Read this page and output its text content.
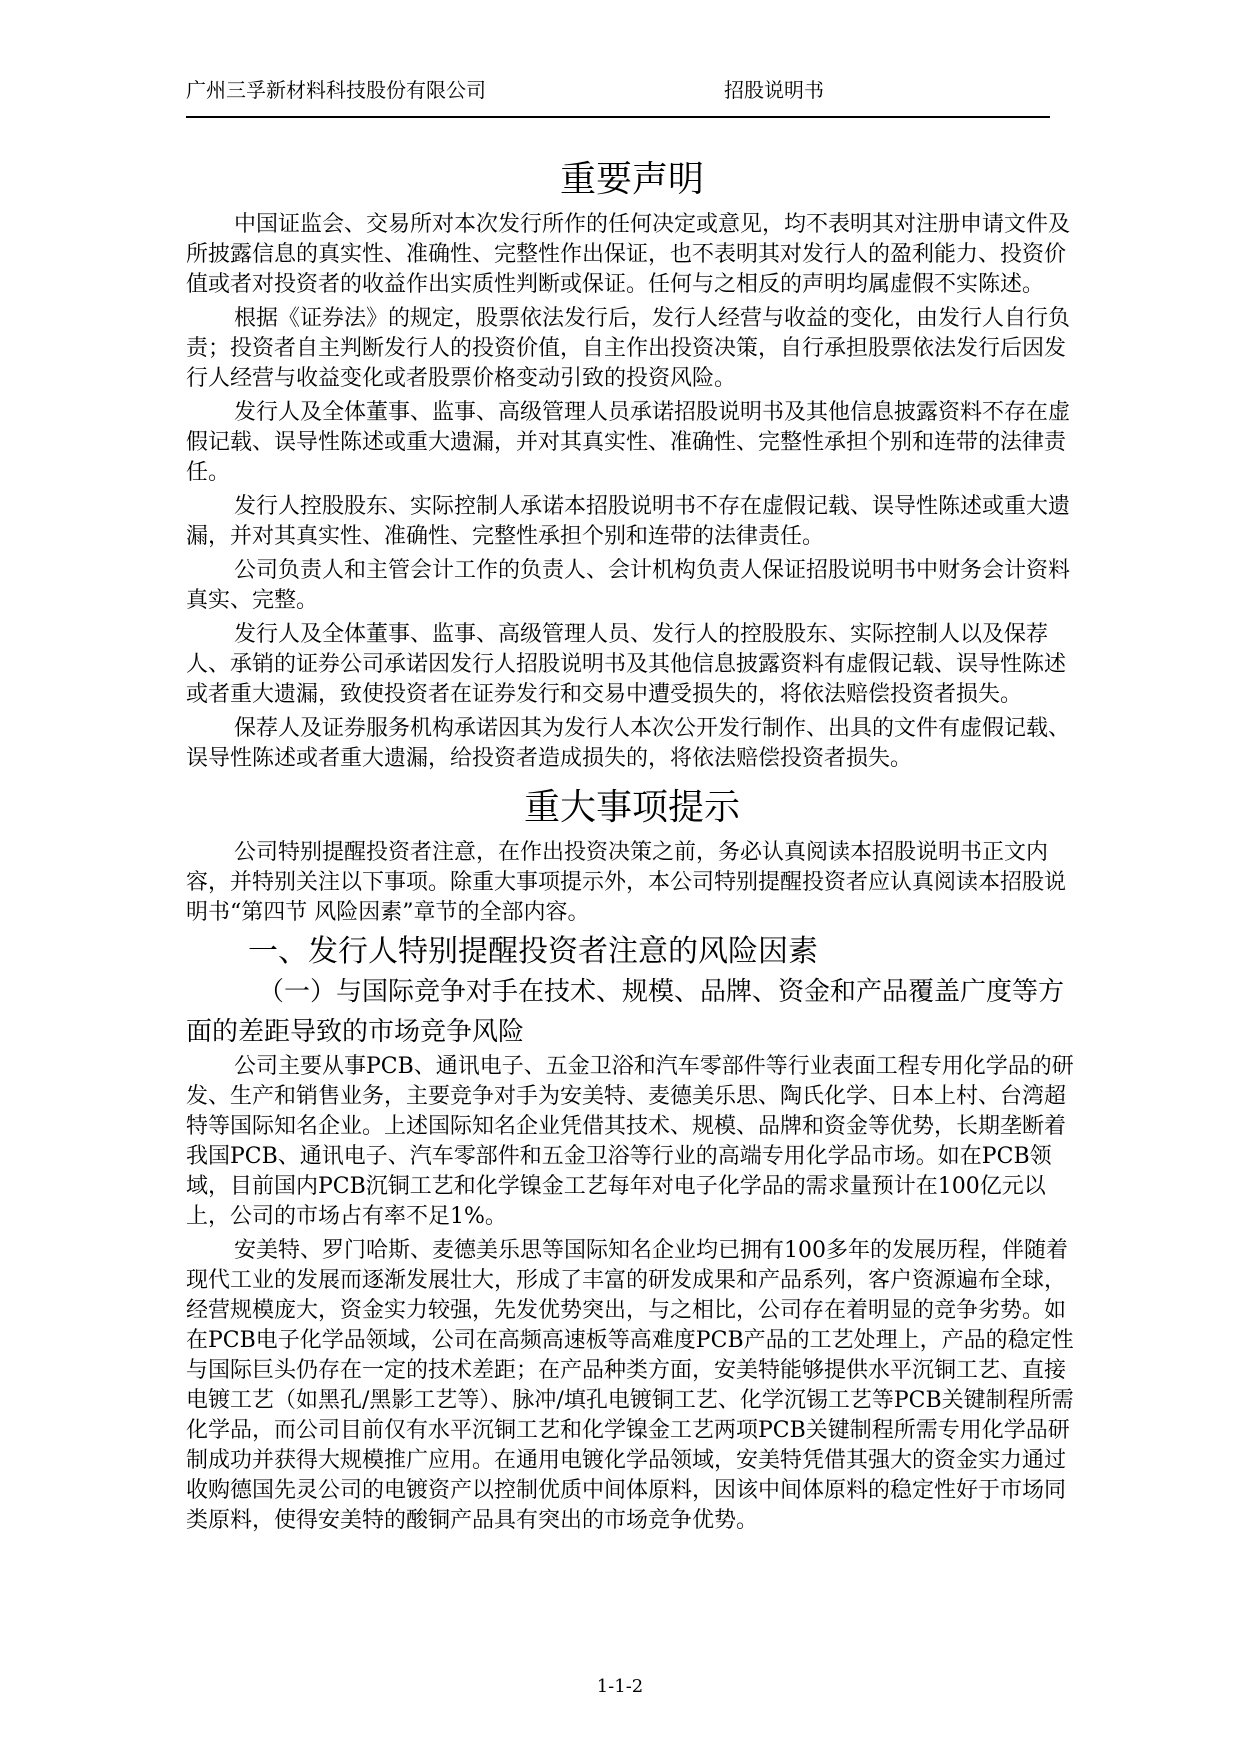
广州三孚新材料科技股份有限公司	招股说明书
重要声明

中国证监会、交易所对本次发行所作的任何决定或意见，均不表明其对注册申请文件及所披露信息的真实性、准确性、完整性作出保证，也不表明其对发行人的盈利能力、投资价值或者对投资者的收益作出实质性判断或保证。任何与之相反的声明均属虚假不实陈述。

根据《证券法》的规定，股票依法发行后，发行人经营与收益的变化，由发行人自行负责；投资者自主判断发行人的投资价值，自主作出投资决策，自行承担股票依法发行后因发行人经营与收益变化或者股票价格变动引致的投资风险。

发行人及全体董事、监事、高级管理人员承诺招股说明书及其他信息披露资料不存在虚假记载、误导性陈述或重大遗漏，并对其真实性、准确性、完整性承担个别和连带的法律责任。

发行人控股股东、实际控制人承诺本招股说明书不存在虚假记载、误导性陈述或重大遗漏，并对其真实性、准确性、完整性承担个别和连带的法律责任。

公司负责人和主管会计工作的负责人、会计机构负责人保证招股说明书中财务会计资料真实、完整。

发行人及全体董事、监事、高级管理人员、发行人的控股股东、实际控制人以及保荐人、承销的证券公司承诺因发行人招股说明书及其他信息披露资料有虚假记载、误导性陈述或者重大遗漏，致使投资者在证券发行和交易中遭受损失的，将依法赔偿投资者损失。

保荐人及证券服务机构承诺因其为发行人本次公开发行制作、出具的文件有虚假记载、误导性陈述或者重大遗漏，给投资者造成损失的，将依法赔偿投资者损失。

重大事项提示

公司特别提醒投资者注意，在作出投资决策之前，务必认真阅读本招股说明书正文内容，并特别关注以下事项。除重大事项提示外，本公司特别提醒投资者应认真阅读本招股说明书“第四节 风险因素”章节的全部内容。

一、发行人特别提醒投资者注意的风险因素
（一）与国际竞争对手在技术、规模、品牌、资金和产品覆盖广度等方面的差距导致的市场竞争风险

公司主要从事PCB、通讯电子、五金卫浴和汽车零部件等行业表面工程专用化学品的研发、生产和销售业务，主要竞争对手为安美特、麦德美乐思、陶氏化学、日本上村、台湾超特等国际知名企业。上述国际知名企业凭借其技术、规模、品牌和资金等优势，长期垄断着我国PCB、通讯电子、汽车零部件和五金卫浴等行业的高端专用化学品市场。如在PCB领域，目前国内PCB沉铜工艺和化学镍金工艺每年对电子化学品的需求量预计在100亿元以上，公司的市场占有率不足1%。

安美特、罗门哈斯、麦德美乐思等国际知名企业均已拥有100多年的发展历程，伴随着现代工业的发展而逐渐发展壮大，形成了丰富的研发成果和产品系列，客户资源遍布全球，经营规模庞大，资金实力较强，先发优势突出，与之相比，公司存在着明显的竞争劣势。如在PCB电子化学品领域，公司在高频高速板等高难度PCB产品的工艺处理上，产品的稳定性与国际巨头仍存在一定的技术差距；在产品种类方面，安美特能够提供水平沉铜工艺、直接电镀工艺（如黑孔/黑影工艺等）、脉冲/填孔电镀铜工艺、化学沉锡工艺等PCB关键制程所需化学品，而公司目前仅有水平沉铜工艺和化学镍金工艺两项PCB关键制程所需专用化学品研制成功并获得大规模推广应用。在通用电镀化学品领域，安美特凭借其强大的资金实力通过收购德国先灵公司的电镀资产以控制优质中间体原料，因该中间体原料的稳定性好于市场同类原料，使得安美特的酸铜产品具有突出的市场竞争优势。

1-1-2
